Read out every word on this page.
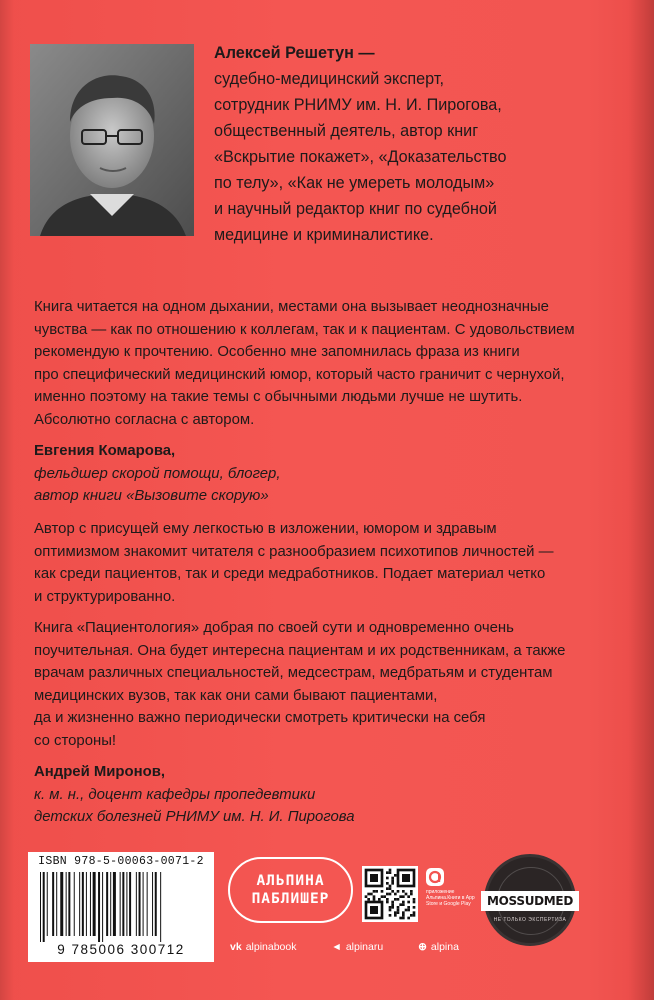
Алексей Решетун —
судебно-медицинский эксперт,
сотрудник РНИМУ им. Н. И. Пирогова,
общественный деятель, автор книг
«Вскрытие покажет», «Доказательство
по телу», «Как не умереть молодым»
и научный редактор книг по судебной
медицине и криминалистике.
Книга читается на одном дыхании, местами она вызывает неоднозначные
чувства — как по отношению к коллегам, так и к пациентам. С удовольствием
рекомендую к прочтению. Особенно мне запомнилась фраза из книги
про специфический медицинский юмор, который часто граничит с чернухой,
именно поэтому на такие темы с обычными людьми лучше не шутить.
Абсолютно согласна с автором.
Евгения Комарова,
фельдшер скорой помощи, блогер,
автор книги «Вызовите скорую»
Автор с присущей ему легкостью в изложении, юмором и здравым
оптимизмом знакомит читателя с разнообразием психотипов личностей —
как среди пациентов, так и среди медработников. Подает материал четко
и структурированно.
Книга «Пациентология» добрая по своей сути и одновременно очень
поучительная. Она будет интересна пациентам и их родственникам, а также
врачам различных специальностей, медсестрам, медбратьям и студентам
медицинских вузов, так как они сами бывают пациентами,
да и жизненно важно периодически смотреть критически на себя
со стороны!
Андрей Миронов,
к. м. н., доцент кафедры пропедевтики
детских болезней РНИМУ им. Н. И. Пирогова
ISBN 978-5-00063-0071-2
9 785006 300712
АЛЬПИНА
ПАБЛИШЕР	приложение Альпина.Книги в App Store и Google Play	MOSSUDMED
НЕ ТОЛЬКО ЭКСПЕРТИЗА
vk alpinabook	◄ alpinaru	⊕ alpina
